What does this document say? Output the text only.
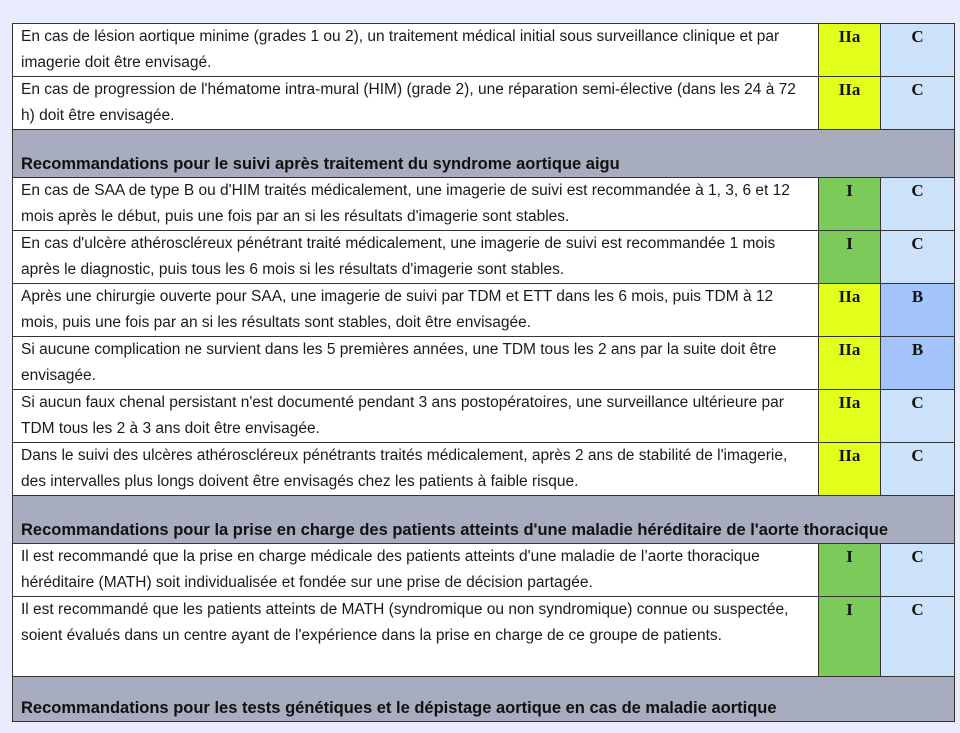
En cas de lésion aortique minime (grades 1 ou 2), un traitement médical initial sous surveillance clinique et par imagerie doit être envisagé.	IIa	C
En cas de progression de l'hématome intra-mural (HIM) (grade 2), une réparation semi-élective (dans les 24 à 72 h) doit être envisagée.	IIa	C
Recommandations pour le suivi après traitement du syndrome aortique aigu		
En cas de SAA de type B ou d'HIM traités médicalement, une imagerie de suivi est recommandée à 1, 3, 6 et 12 mois après le début, puis une fois par an si les résultats d'imagerie sont stables.	I	C
En cas d'ulcère athéroscléreux pénétrant traité médicalement, une imagerie de suivi est recommandée 1 mois après le diagnostic, puis tous les 6 mois si les résultats d'imagerie sont stables.	I	C
Après une chirurgie ouverte pour SAA, une imagerie de suivi par TDM et ETT dans les 6 mois, puis TDM à 12 mois, puis une fois par an si les résultats sont stables, doit être envisagée.	IIa	B
Si aucune complication ne survient dans les 5 premières années, une TDM tous les 2 ans par la suite doit être envisagée.	IIa	B
Si aucun faux chenal persistant n'est documenté pendant 3 ans postopératoires, une surveillance ultérieure par TDM tous les 2 à 3 ans doit être envisagée.	IIa	C
Dans le suivi des ulcères athéroscléreux pénétrants traités médicalement, après 2 ans de stabilité de l'imagerie, des intervalles plus longs doivent être envisagés chez les patients à faible risque.	IIa	C
Recommandations pour la prise en charge des patients atteints d'une maladie héréditaire de l'aorte thoracique		
Il est recommandé que la prise en charge médicale des patients atteints d'une maladie de l’aorte thoracique héréditaire (MATH) soit individualisée et fondée sur une prise de décision partagée.	I	C
Il est recommandé que les patients atteints de MATH (syndromique ou non syndromique) connue ou suspectée, soient évalués dans un centre ayant de l'expérience dans la prise en charge de ce groupe de patients.	I	C
Recommandations pour les tests génétiques et le dépistage aortique en cas de maladie aortique		
